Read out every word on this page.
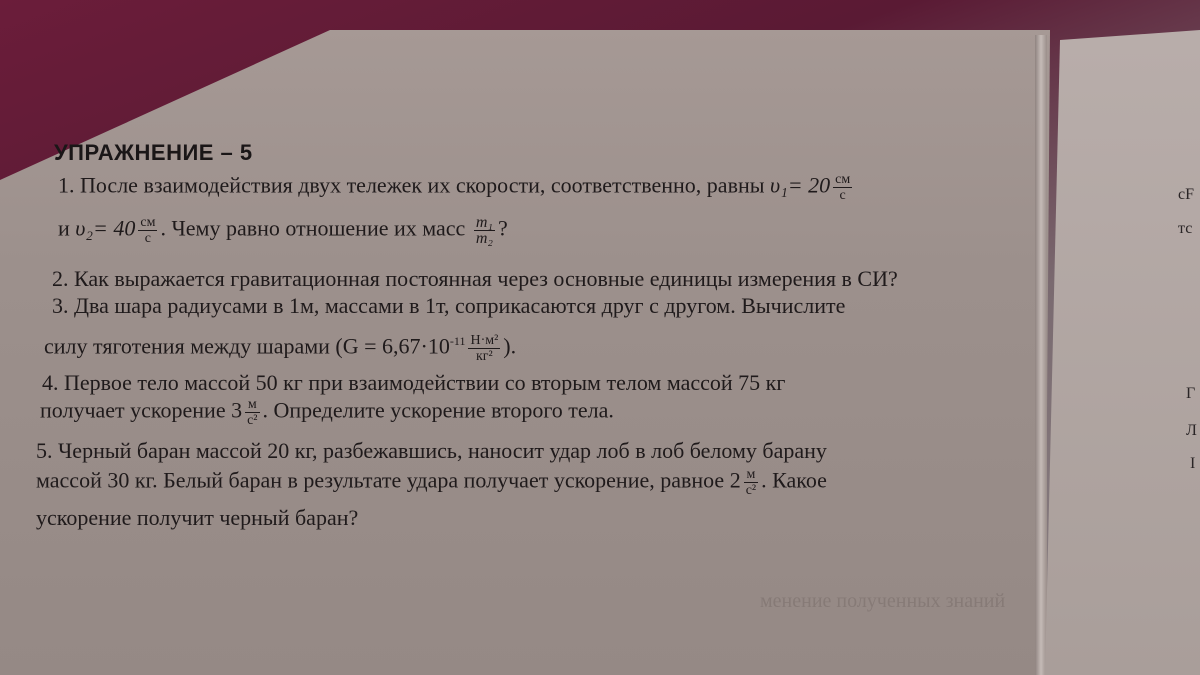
менение полученных знаний
УПРАЖНЕНИЕ – 5
1. После взаимодействия двух тележек их скорости, соответственно, равны $\upsilon_1= 20 \frac{см}{с}$
и $\upsilon_2= 40 \frac{см}{с}$ . Чему равно отношение их масс $\frac{\text{m₁}}{\text{m₂}}$ ?
2. Как выражается гравитационная постоянная через основные единицы измерения в СИ?
3. Два шара радиусами в 1м, массами в 1т, соприкасаются друг с другом. Вычислите
силу тяготения между шарами ($G = 6,67\cdot 10^{-11} \frac{\text{Н·м²}}{\text{кг²}}$ ).
4. Первое тело массой 50 кг при взаимодействии со вторым телом массой 75 кг
получает ускорение $3 \frac{м}{\text{с²}}$ . Определите ускорение второго тела.
5. Черный баран массой 20 кг, разбежавшись, наносит удар лоб в лоб белому барану
массой 30 кг. Белый баран в результате удара получает ускорение, равное $2 \frac{м}{\text{с²}}$ . Какое
ускорение получит черный баран?
сF
тс
Г
Л
I
